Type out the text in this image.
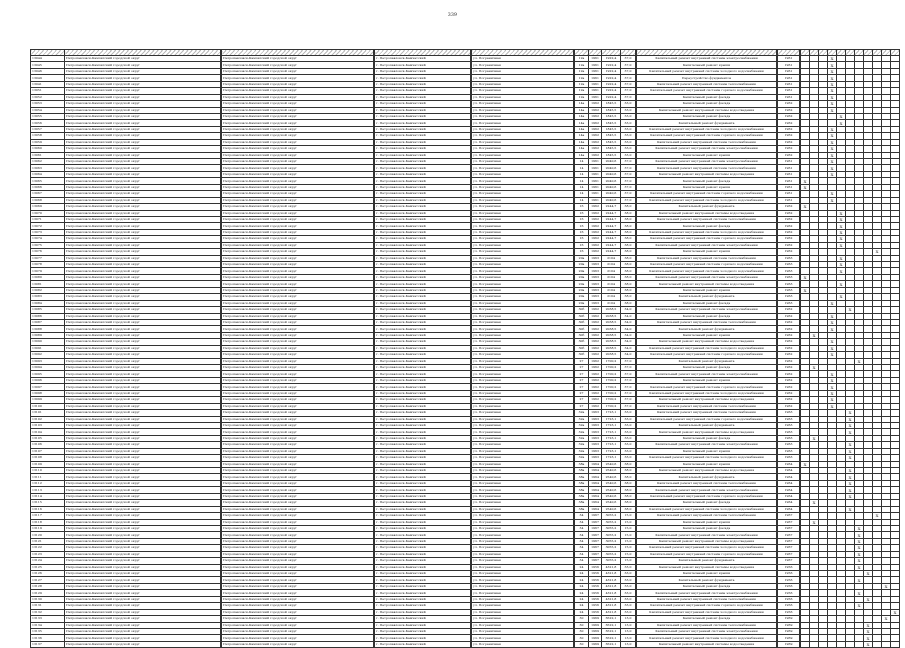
339

13044	Петропавловск-Камчатский городской округ		Петропавловск-Камчатский городской округ		г. Петропавловск-Камчатский		ул. Пограничная		12а	1961	1922,4	37,0		Капитальный ремонт внутренней системы электроснабжения		1961					X							
13045	Петропавловск-Камчатский городской округ		Петропавловск-Камчатский городской округ		г. Петропавловск-Камчатский		ул. Пограничная		12а	1961	1922,4	37,0		Капитальный ремонт крыши		1961					X							
13046	Петропавловск-Камчатский городской округ		Петропавловск-Камчатский городской округ		г. Петропавловск-Камчатский		ул. Пограничная		12а	1961	1922,4	37,0		Капитальный ремонт внутренней системы холодного водоснабжения		1961					X							
13049	Петропавловск-Камчатский городской округ		Петропавловск-Камчатский городской округ		г. Петропавловск-Камчатский		ул. Пограничная		12а	1961	1922,4	37,0		Переустройство фундаментов		1961					X							
13041	Петропавловск-Камчатский городской округ		Петропавловск-Камчатский городской округ		г. Петропавловск-Камчатский		ул. Пограничная		12а	1961	1922,4	37,0		Капитальный ремонт внутренней системы теплоснабжения		1961					X							
13051	Петропавловск-Камчатский городской округ		Петропавловск-Камчатский городской округ		г. Петропавловск-Камчатский		ул. Пограничная		12а	1961	1922,4	37,0		Капитальный ремонт внутренней системы горячего водоснабжения		1961					X							
13052	Петропавловск-Камчатский городской округ		Петропавловск-Камчатский городской округ		г. Петропавловск-Камчатский		ул. Пограничная		12а	1961	1922,4	37,0		Капитальный ремонт фасада		1961					X							
13053	Петропавловск-Камчатский городской округ		Петропавловск-Камчатский городской округ		г. Петропавловск-Камчатский		ул. Пограничная		14а	1962	1845,5	33,0		Капитальный ремонт фасада		1962					X							
13054	Петропавловск-Камчатский городской округ		Петропавловск-Камчатский городской округ		г. Петропавловск-Камчатский		ул. Пограничная		14а	1962	1845,5	33,0		Капитальный ремонт внутренней системы водоотведения		1962					X							
13055	Петропавловск-Камчатский городской округ		Петропавловск-Камчатский городской округ		г. Петропавловск-Камчатский		ул. Пограничная		14а	1962	1845,5	33,0		Капитальный ремонт фасада		1962						X						
13056	Петропавловск-Камчатский городской округ		Петропавловск-Камчатский городской округ		г. Петропавловск-Камчатский		ул. Пограничная		14а	1962	1845,5	33,0		Капитальный ремонт фундамента		1962						X						
13057	Петропавловск-Камчатский городской округ		Петропавловск-Камчатский городской округ		г. Петропавловск-Камчатский		ул. Пограничная		14а	1962	1845,5	33,0		Капитальный ремонт внутренней системы холодного водоснабжения		1962					X							
13058	Петропавловск-Камчатский городской округ		Петропавловск-Камчатский городской округ		г. Петропавловск-Камчатский		ул. Пограничная		14а	1962	1845,5	33,0		Капитальный ремонт внутренней системы горячего водоснабжения		1962					X							
13059	Петропавловск-Камчатский городской округ		Петропавловск-Камчатский городской округ		г. Петропавловск-Камчатский		ул. Пограничная		14а	1962	1845,5	33,0		Капитальный ремонт внутренней системы теплоснабжения		1962					X							
13060	Петропавловск-Камчатский городской округ		Петропавловск-Камчатский городской округ		г. Петропавловск-Камчатский		ул. Пограничная		14а	1962	1845,5	33,0		Капитальный ремонт внутренней системы электроснабжения		1962					X							
13061	Петропавловск-Камчатский городской округ		Петропавловск-Камчатский городской округ		г. Петропавловск-Камчатский		ул. Пограничная		14а	1962	1845,5	33,0		Капитальный ремонт крыши		1962					X							
13062	Петропавловск-Камчатский городской округ		Петропавловск-Камчатский городской округ		г. Петропавловск-Камчатский		ул. Пограничная		14	1961	2040,6	37,0		Капитальный ремонт внутренней системы электроснабжения		1961					X							
13063	Петропавловск-Камчатский городской округ		Петропавловск-Камчатский городской округ		г. Петропавловск-Камчатский		ул. Пограничная		14	1961	2040,6	37,0		Капитальный ремонт внутренней системы теплоснабжения		1961					X							
13064	Петропавловск-Камчатский городской округ		Петропавловск-Камчатский городской округ		г. Петропавловск-Камчатский		ул. Пограничная		14	1961	2040,6	37,0		Капитальный ремонт внутренней системы водоотведения		1961					X							
13065	Петропавловск-Камчатский городской округ		Петропавловск-Камчатский городской округ		г. Петропавловск-Камчатский		ул. Пограничная		14	1961	2040,6	37,0		Капитальный ремонт фасада		1961		X										
13066	Петропавловск-Камчатский городской округ		Петропавловск-Камчатский городской округ		г. Петропавловск-Камчатский		ул. Пограничная		14	1961	2040,6	37,0		Капитальный ремонт крыши		1961		X										
13067	Петропавловск-Камчатский городской округ		Петропавловск-Камчатский городской округ		г. Петропавловск-Камчатский		ул. Пограничная		14	1961	2040,6	37,0		Капитальный ремонт внутренней системы горячего водоснабжения		1961					X							
13068	Петропавловск-Камчатский городской округ		Петропавловск-Камчатский городской округ		г. Петропавловск-Камчатский		ул. Пограничная		14	1961	2040,6	37,0		Капитальный ремонт внутренней системы холодного водоснабжения		1961					X							
13069	Петропавловск-Камчатский городской округ		Петропавловск-Камчатский городской округ		г. Петропавловск-Камчатский		ул. Пограничная		16	1962	2244,7	38,0		Капитальный ремонт фундамента		1962		X										
13070	Петропавловск-Камчатский городской округ		Петропавловск-Камчатский городской округ		г. Петропавловск-Камчатский		ул. Пограничная		16	1962	2244,7	38,0		Капитальный ремонт внутренней системы водоотведения		1962						X						
13071	Петропавловск-Камчатский городской округ		Петропавловск-Камчатский городской округ		г. Петропавловск-Камчатский		ул. Пограничная		16	1962	2244,7	38,0		Капитальный ремонт внутренней системы теплоснабжения		1962						X						
13072	Петропавловск-Камчатский городской округ		Петропавловск-Камчатский городской округ		г. Петропавловск-Камчатский		ул. Пограничная		16	1962	2244,7	38,0		Капитальный ремонт фасада		1962						X						
13073	Петропавловск-Камчатский городской округ		Петропавловск-Камчатский городской округ		г. Петропавловск-Камчатский		ул. Пограничная		16	1962	2244,7	38,0		Капитальный ремонт внутренней системы холодного водоснабжения		1962						X						
13074	Петропавловск-Камчатский городской округ		Петропавловск-Камчатский городской округ		г. Петропавловск-Камчатский		ул. Пограничная		16	1962	2244,7	38,0		Капитальный ремонт внутренней системы горячего водоснабжения		1962						X						
13075	Петропавловск-Камчатский городской округ		Петропавловск-Камчатский городской округ		г. Петропавловск-Камчатский		ул. Пограничная		16	1962	2244,7	38,0		Капитальный ремонт внутренней системы электроснабжения		1962						X						
13076	Петропавловск-Камчатский городской округ		Петропавловск-Камчатский городской округ		г. Петропавловск-Камчатский		ул. Пограничная		16	1962	2244,7	38,0		Капитальный ремонт крыши		1962										X		
13077	Петропавловск-Камчатский городской округ		Петропавловск-Камчатский городской округ		г. Петропавловск-Камчатский		ул. Пограничная		20а	1963	2104	38,0		Капитальный ремонт внутренней системы теплоснабжения		1963						X						
13078	Петропавловск-Камчатский городской округ		Петропавловск-Камчатский городской округ		г. Петропавловск-Камчатский		ул. Пограничная		20а	1963	2104	38,0		Капитальный ремонт внутренней системы горячего водоснабжения		1963						X						
13079	Петропавловск-Камчатский городской округ		Петропавловск-Камчатский городской округ		г. Петропавловск-Камчатский		ул. Пограничная		20а	1963	2104	38,0		Капитальный ремонт внутренней системы холодного водоснабжения		1963						X						
13080	Петропавловск-Камчатский городской округ		Петропавловск-Камчатский городской округ		г. Петропавловск-Камчатский		ул. Пограничная		20а	1963	2104	38,0		Капитальный ремонт внутренней системы электроснабжения		1963		X										
13081	Петропавловск-Камчатский городской округ		Петропавловск-Камчатский городской округ		г. Петропавловск-Камчатский		ул. Пограничная		20а	1963	2104	38,0		Капитальный ремонт внутренней системы водоотведения		1963						X						
13082	Петропавловск-Камчатский городской округ		Петропавловск-Камчатский городской округ		г. Петропавловск-Камчатский		ул. Пограничная		20а	1963	2104	38,0		Капитальный ремонт крыши		1963		X										
13083	Петропавловск-Камчатский городской округ		Петропавловск-Камчатский городской округ		г. Петропавловск-Камчатский		ул. Пограничная		20а	1963	2104	38,0		Капитальный ремонт фундамента		1963						X						
13084	Петропавловск-Камчатский городской округ		Петропавловск-Камчатский городской округ		г. Петропавловск-Камчатский		ул. Пограничная		20а	1963	2104	38,0		Капитальный ремонт фасада		1963					X							
13085	Петропавловск-Камчатский городской округ		Петропавловск-Камчатский городской округ		г. Петропавловск-Камчатский		ул. Пограничная		30б	1962	2038,5	34,0		Капитальный ремонт внутренней системы электроснабжения		1962							X					
13086	Петропавловск-Камчатский городской округ		Петропавловск-Камчатский городской округ		г. Петропавловск-Камчатский		ул. Пограничная		30б	1962	2038,5	34,0		Капитальный ремонт фасада		1962					X							
13087	Петропавловск-Камчатский городской округ		Петропавловск-Камчатский городской округ		г. Петропавловск-Камчатский		ул. Пограничная		30б	1962	2038,5	34,0		Капитальный ремонт внутренней системы теплоснабжения		1962					X							
13088	Петропавловск-Камчатский городской округ		Петропавловск-Камчатский городской округ		г. Петропавловск-Камчатский		ул. Пограничная		30б	1962	2038,5	34,0		Капитальный ремонт фундамента		1962					X							
13089	Петропавловск-Камчатский городской округ		Петропавловск-Камчатский городской округ		г. Петропавловск-Камчатский		ул. Пограничная		30б	1962	2038,5	34,0		Капитальный ремонт крыши		1962			X									
13090	Петропавловск-Камчатский городской округ		Петропавловск-Камчатский городской округ		г. Петропавловск-Камчатский		ул. Пограничная		30б	1962	2038,5	34,0		Капитальный ремонт внутренней системы водоотведения		1962					X							
13091	Петропавловск-Камчатский городской округ		Петропавловск-Камчатский городской округ		г. Петропавловск-Камчатский		ул. Пограничная		30б	1962	2038,5	34,0		Капитальный ремонт внутренней системы холодного водоснабжения		1962					X							
13092	Петропавловск-Камчатский городской округ		Петропавловск-Камчатский городской округ		г. Петропавловск-Камчатский		ул. Пограничная		30б	1962	2038,5	34,0		Капитальный ремонт внутренней системы горячего водоснабжения		1962					X							
13093	Петропавловск-Камчатский городской округ		Петропавловск-Камчатский городской округ		г. Петропавловск-Камчатский		ул. Пограничная		27	1962	1700,2	37,0		Капитальный ремонт фундамента		1962								X				
13094	Петропавловск-Камчатский городской округ		Петропавловск-Камчатский городской округ		г. Петропавловск-Камчатский		ул. Пограничная		27	1962	1700,2	37,0		Капитальный ремонт фасада		1962			X									
13095	Петропавловск-Камчатский городской округ		Петропавловск-Камчатский городской округ		г. Петропавловск-Камчатский		ул. Пограничная		27	1962	1700,2	37,0		Капитальный ремонт внутренней системы электроснабжения		1962					X							
13096	Петропавловск-Камчатский городской округ		Петропавловск-Камчатский городской округ		г. Петропавловск-Камчатский		ул. Пограничная		27	1962	1700,2	37,0		Капитальный ремонт крыши		1962					X							
13097	Петропавловск-Камчатский городской округ		Петропавловск-Камчатский городской округ		г. Петропавловск-Камчатский		ул. Пограничная		27	1962	1700,2	37,0		Капитальный ремонт внутренней системы горячего водоснабжения		1962					X							
13098	Петропавловск-Камчатский городской округ		Петропавловск-Камчатский городской округ		г. Петропавловск-Камчатский		ул. Пограничная		27	1962	1700,2	37,0		Капитальный ремонт внутренней системы холодного водоснабжения		1962					X							
13099	Петропавловск-Камчатский городской округ		Петропавловск-Камчатский городской округ		г. Петропавловск-Камчатский		ул. Пограничная		27	1962	1700,2	37,0		Капитальный ремонт внутренней системы водоотведения		1962					X							
13100	Петропавловск-Камчатский городской округ		Петропавловск-Камчатский городской округ		г. Петропавловск-Камчатский		ул. Пограничная		27	1962	1700,2	37,0		Капитальный ремонт внутренней системы теплоснабжения		1962					X							
13101	Петропавловск-Камчатский городской округ		Петропавловск-Камчатский городской округ		г. Петропавловск-Камчатский		ул. Пограничная		32а	1963	1723,1	33,0		Капитальный ремонт внутренней системы теплоснабжения		1963							X					
13102	Петропавловск-Камчатский городской округ		Петропавловск-Камчатский городской округ		г. Петропавловск-Камчатский		ул. Пограничная		32а	1963	1723,1	33,0		Капитальный ремонт внутренней системы горячего водоснабжения		1963							X					
13103	Петропавловск-Камчатский городской округ		Петропавловск-Камчатский городской округ		г. Петропавловск-Камчатский		ул. Пограничная		32а	1963	1723,1	33,0		Капитальный ремонт фундамента		1963							X					
13104	Петропавловск-Камчатский городской округ		Петропавловск-Камчатский городской округ		г. Петропавловск-Камчатский		ул. Пограничная		32а	1963	1723,1	33,0		Капитальный ремонт внутренней системы водоотведения		1963							X					
13105	Петропавловск-Камчатский городской округ		Петропавловск-Камчатский городской округ		г. Петропавловск-Камчатский		ул. Пограничная		32а	1963	1723,1	33,0		Капитальный ремонт фасада		1963			X									
13106	Петропавловск-Камчатский городской округ		Петропавловск-Камчатский городской округ		г. Петропавловск-Камчатский		ул. Пограничная		32а	1963	1723,1	33,0		Капитальный ремонт внутренней системы электроснабжения		1963							X					
13107	Петропавловск-Камчатский городской округ		Петропавловск-Камчатский городской округ		г. Петропавловск-Камчатский		ул. Пограничная		32а	1963	1723,1	33,0		Капитальный ремонт крыши		1963							X					
13108	Петропавловск-Камчатский городской округ		Петропавловск-Камчатский городской округ		г. Петропавловск-Камчатский		ул. Пограничная		32а	1963	1723,1	33,0		Капитальный ремонт внутренней системы холодного водоснабжения		1963							X					
13109	Петропавловск-Камчатский городской округ		Петропавловск-Камчатский городской округ		г. Петропавловск-Камчатский		ул. Пограничная		38а	1964	2540,6	38,0		Капитальный ремонт крыши		1964		X										
13110	Петропавловск-Камчатский городской округ		Петропавловск-Камчатский городской округ		г. Петропавловск-Камчатский		ул. Пограничная		38а	1964	2540,6	38,0		Капитальный ремонт внутренней системы водоотведения		1964							X					
13111	Петропавловск-Камчатский городской округ		Петропавловск-Камчатский городской округ		г. Петропавловск-Камчатский		ул. Пограничная		38а	1964	2540,6	38,0		Капитальный ремонт фундамента		1964							X					
13112	Петропавловск-Камчатский городской округ		Петропавловск-Камчатский городской округ		г. Петропавловск-Камчатский		ул. Пограничная		38а	1964	2540,6	38,0		Капитальный ремонт внутренней системы теплоснабжения		1964							X					
13113	Петропавловск-Камчатский городской округ		Петропавловск-Камчатский городской округ		г. Петропавловск-Камчатский		ул. Пограничная		38а	1964	2540,6	38,0		Капитальный ремонт внутренней системы электроснабжения		1964							X					
13114	Петропавловск-Камчатский городской округ		Петропавловск-Камчатский городской округ		г. Петропавловск-Камчатский		ул. Пограничная		38а	1964	2540,6	38,0		Капитальный ремонт внутренней системы горячего водоснабжения		1964							X					
13115	Петропавловск-Камчатский городской округ		Петропавловск-Камчатский городской округ		г. Петропавловск-Камчатский		ул. Пограничная		38а	1964	2540,6	38,0		Капитальный ремонт фасада		1964			X									
13116	Петропавловск-Камчатский городской округ		Петропавловск-Камчатский городской округ		г. Петропавловск-Камчатский		ул. Пограничная		38а	1964	2540,6	38,0		Капитальный ремонт внутренней системы холодного водоснабжения		1964							X					
13117	Петропавловск-Камчатский городской округ		Петропавловск-Камчатский городской округ		г. Петропавловск-Камчатский		ул. Пограничная		34	1967	3055,2	15,0		Капитальный ремонт внутренней системы теплоснабжения		1967										X		
13118	Петропавловск-Камчатский городской округ		Петропавловск-Камчатский городской округ		г. Петропавловск-Камчатский		ул. Пограничная		34	1967	3055,2	15,0		Капитальный ремонт крыши		1967			X									
13119	Петропавловск-Камчатский городской округ		Петропавловск-Камчатский городской округ		г. Петропавловск-Камчатский		ул. Пограничная		34	1967	3055,2	15,0		Капитальный ремонт фасада		1967								X				
13120	Петропавловск-Камчатский городской округ		Петропавловск-Камчатский городской округ		г. Петропавловск-Камчатский		ул. Пограничная		34	1967	3055,2	15,0		Капитальный ремонт внутренней системы электроснабжения		1967								X				
13121	Петропавловск-Камчатский городской округ		Петропавловск-Камчатский городской округ		г. Петропавловск-Камчатский		ул. Пограничная		34	1967	3055,2	15,0		Капитальный ремонт внутренней системы водоотведения		1967								X				
13122	Петропавловск-Камчатский городской округ		Петропавловск-Камчатский городской округ		г. Петропавловск-Камчатский		ул. Пограничная		34	1967	3055,2	15,0		Капитальный ремонт внутренней системы холодного водоснабжения		1967								X				
13123	Петропавловск-Камчатский городской округ		Петропавловск-Камчатский городской округ		г. Петропавловск-Камчатский		ул. Пограничная		34	1967	3055,2	15,0		Капитальный ремонт внутренней системы горячего водоснабжения		1967								X				
13124	Петропавловск-Камчатский городской округ		Петропавловск-Камчатский городской округ		г. Петропавловск-Камчатский		ул. Пограничная		34	1967	3055,2	15,0		Капитальный ремонт фундамента		1967								X				
13125	Петропавловск-Камчатский городской округ		Петропавловск-Камчатский городской округ		г. Петропавловск-Камчатский		ул. Пограничная		24	1956	4321,8	33,0		Капитальный ремонт внутренней системы водоотведения		1956								X				
13126	Петропавловск-Камчатский городской округ		Петропавловск-Камчатский городской округ		г. Петропавловск-Камчатский		ул. Пограничная		24	1956	4321,8	33,0		Капитальный ремонт крыши		1956									X			
13127	Петропавловск-Камчатский городской округ		Петропавловск-Камчатский городской округ		г. Петропавловск-Камчатский		ул. Пограничная		24	1956	4321,8	33,0		Капитальный ремонт фундамента		1956								X				
13128	Петропавловск-Камчатский городской округ		Петропавловск-Камчатский городской округ		г. Петропавловск-Камчатский		ул. Пограничная		24	1956	4321,8	33,0		Капитальный ремонт фасада		1956											X	
13129	Петропавловск-Камчатский городской округ		Петропавловск-Камчатский городской округ		г. Петропавловск-Камчатский		ул. Пограничная		24	1956	4321,8	33,0		Капитальный ремонт внутренней системы электроснабжения		1956								X				
13130	Петропавловск-Камчатский городской округ		Петропавловск-Камчатский городской округ		г. Петропавловск-Камчатский		ул. Пограничная		24	1956	4321,8	33,0		Капитальный ремонт внутренней системы теплоснабжения		1956									X			
13131	Петропавловск-Камчатский городской округ		Петропавловск-Камчатский городской округ		г. Петропавловск-Камчатский		ул. Пограничная		24	1956	4321,8	33,0		Капитальный ремонт внутренней системы горячего водоснабжения		1956								X				
13132	Петропавловск-Камчатский городской округ		Петропавловск-Камчатский городской округ		г. Петропавловск-Камчатский		ул. Пограничная		24	1956	4321,8	33,0		Капитальный ремонт внутренней системы холодного водоснабжения		1956												X
13133	Петропавловск-Камчатский городской округ		Петропавловск-Камчатский городской округ		г. Петропавловск-Камчатский		ул. Пограничная		30	1969	6522,1	13,0		Капитальный ремонт фасада		1969											X	
13134	Петропавловск-Камчатский городской округ		Петропавловск-Камчатский городской округ		г. Петропавловск-Камчатский		ул. Пограничная		30	1969	6522,1	13,0		Капитальный ремонт внутренней системы теплоснабжения		1969									X			
13135	Петропавловск-Камчатский городской округ		Петропавловск-Камчатский городской округ		г. Петропавловск-Камчатский		ул. Пограничная		30	1969	6522,1	13,0		Капитальный ремонт внутренней системы электроснабжения		1969									X			
13136	Петропавловск-Камчатский городской округ		Петропавловск-Камчатский городской округ		г. Петропавловск-Камчатский		ул. Пограничная		30	1969	6522,1	13,0		Капитальный ремонт внутренней системы холодного водоснабжения		1969									X			
13137	Петропавловск-Камчатский городской округ		Петропавловск-Камчатский городской округ		г. Петропавловск-Камчатский		ул. Пограничная		30	1969	6522,1	13,0		Капитальный ремонт внутренней системы водоотведения		1969									X			
